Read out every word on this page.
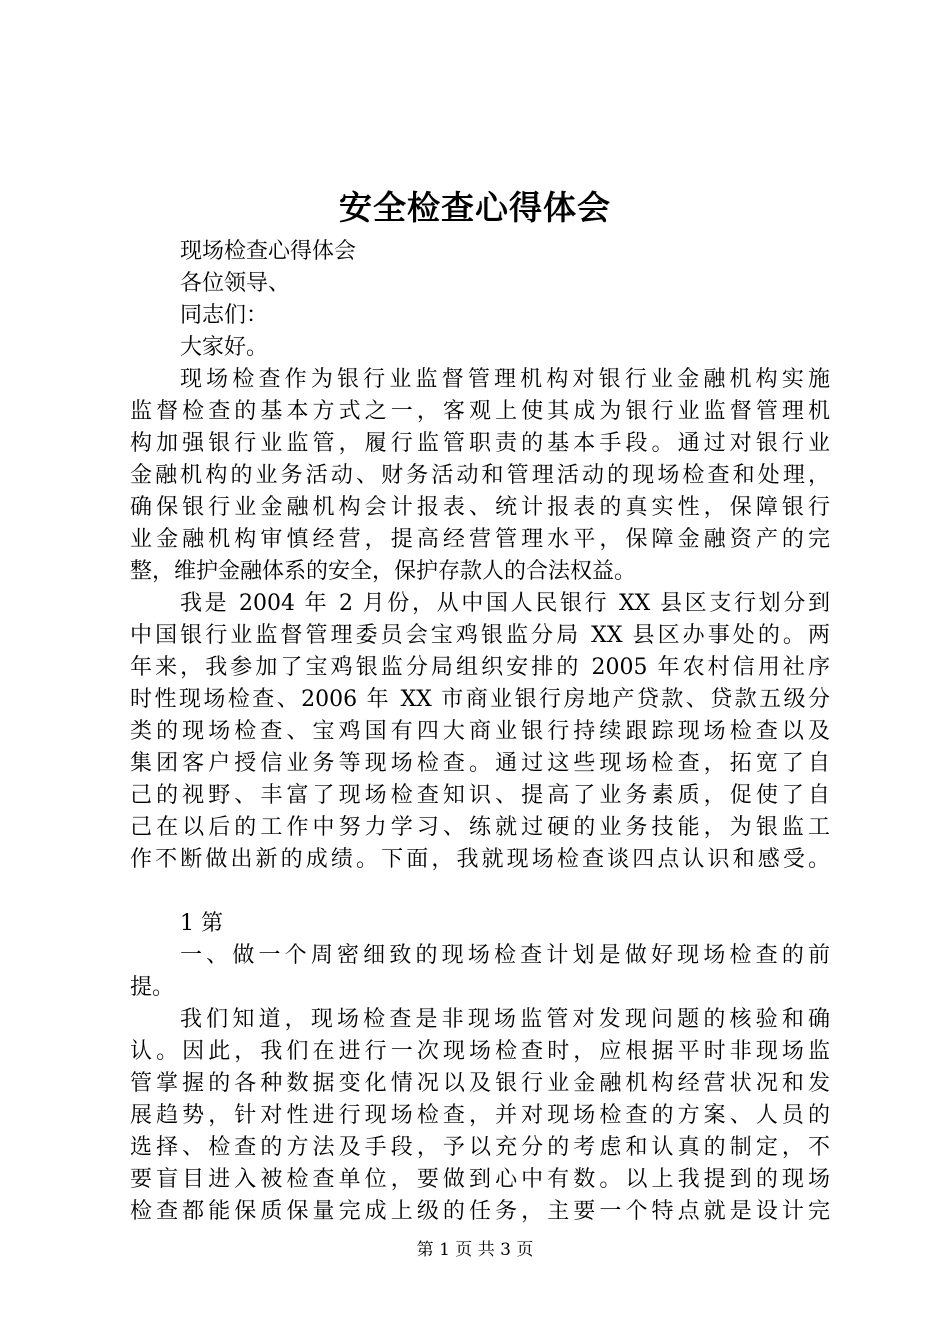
安全检查心得体会
现场检查心得体会
各位领导、
同志们：
大家好。
现场检查作为银行业监督管理机构对银行业金融机构实施
监督检查的基本方式之一，客观上使其成为银行业监督管理机
构加强银行业监管，履行监管职责的基本手段。通过对银行业
金融机构的业务活动、财务活动和管理活动的现场检查和处理，
确保银行业金融机构会计报表、统计报表的真实性，保障银行
业金融机构审慎经营，提高经营管理水平，保障金融资产的完
整，维护金融体系的安全，保护存款人的合法权益。
我是 2004 年 2 月份，从中国人民银行 XX 县区支行划分到
中国银行业监督管理委员会宝鸡银监分局 XX 县区办事处的。两
年来，我参加了宝鸡银监分局组织安排的 2005 年农村信用社序
时性现场检查、2006 年 XX 市商业银行房地产贷款、贷款五级分
类的现场检查、宝鸡国有四大商业银行持续跟踪现场检查以及
集团客户授信业务等现场检查。通过这些现场检查，拓宽了自
己的视野、丰富了现场检查知识、提高了业务素质，促使了自
己在以后的工作中努力学习、练就过硬的业务技能，为银监工
作不断做出新的成绩。下面，我就现场检查谈四点认识和感受。
1 第
一、做一个周密细致的现场检查计划是做好现场检查的前
提。
我们知道，现场检查是非现场监管对发现问题的核验和确
认。因此，我们在进行一次现场检查时，应根据平时非现场监
管掌握的各种数据变化情况以及银行业金融机构经营状况和发
展趋势，针对性进行现场检查，并对现场检查的方案、人员的
选择、检查的方法及手段，予以充分的考虑和认真的制定，不
要盲目进入被检查单位，要做到心中有数。以上我提到的现场
检查都能保质保量完成上级的任务，主要一个特点就是设计完
第 1 页 共 3 页
